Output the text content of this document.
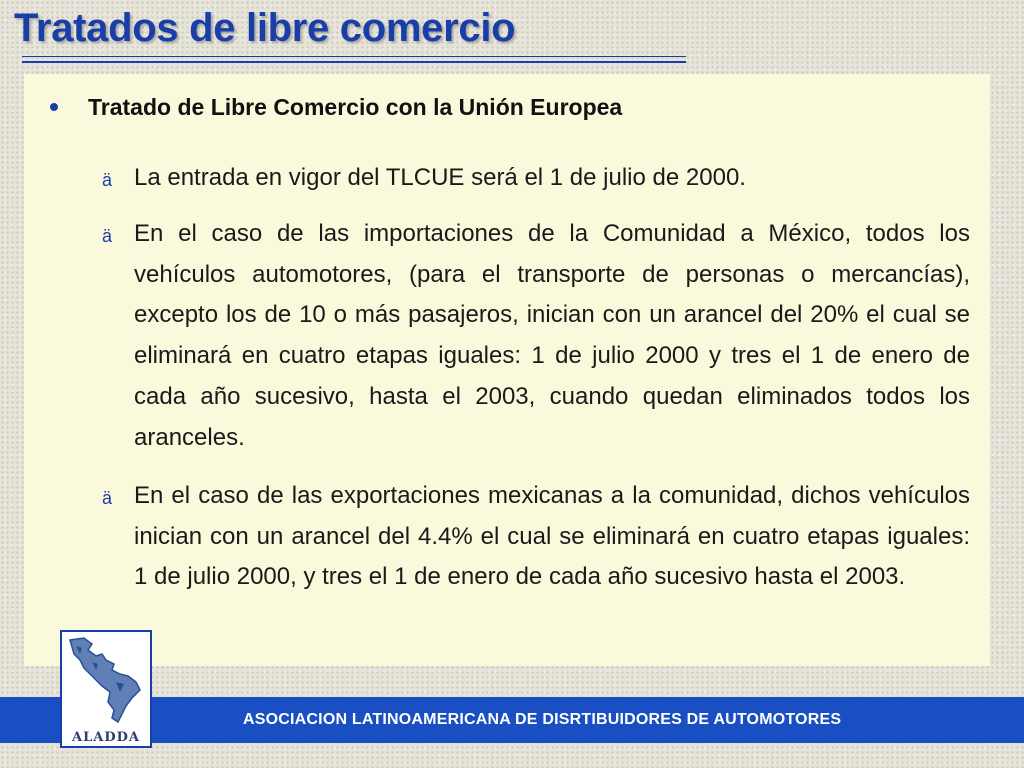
Tratados de libre comercio
Tratado de Libre Comercio con la Unión Europea
ä La entrada en vigor del TLCUE será el 1 de julio de 2000.
ä En el caso de las importaciones de la Comunidad a México, todos los vehículos automotores, (para el transporte de personas o mercancías), excepto los de 10 o más pasajeros, inician con un arancel del 20% el cual se eliminará en cuatro etapas iguales: 1 de julio 2000 y tres el 1 de enero de cada año sucesivo, hasta el 2003, cuando quedan eliminados todos los aranceles.
ä En el caso de las exportaciones mexicanas a la comunidad, dichos vehículos inician con un arancel del 4.4% el cual se eliminará en cuatro etapas iguales: 1 de julio 2000, y tres el 1 de enero de cada año sucesivo hasta el 2003.
ASOCIACION LATINOAMERICANA DE DISRTIBUIDORES DE AUTOMOTORES
ALADDA
